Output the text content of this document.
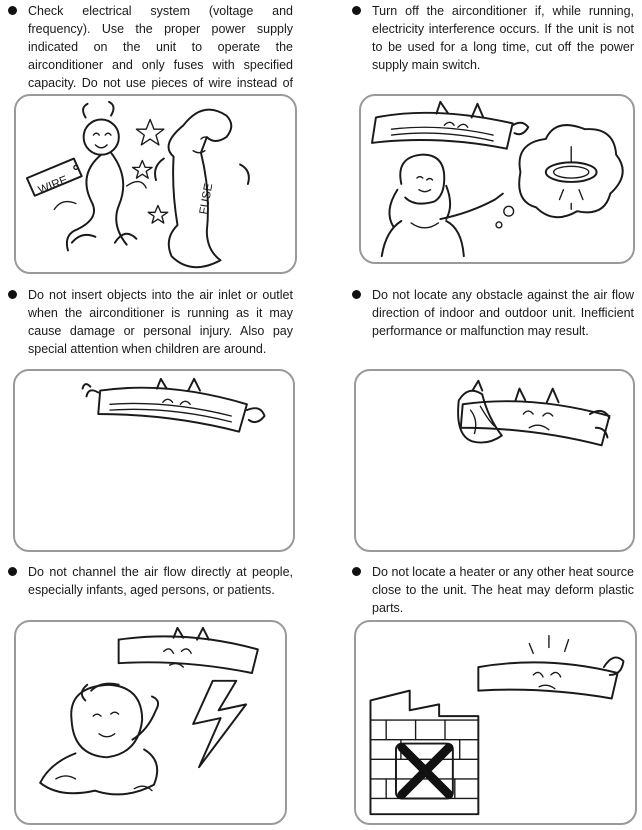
Check electrical system (voltage and frequency). Use the proper power supply indicated on the unit to operate the airconditioner and only fuses with specified capacity. Do not use pieces of wire instead of
Turn off the airconditioner if, while running, electricity interference occurs. If the unit is not to be used for a long time, cut off the power supply main switch.
WIRE	FUSE
Do not insert objects into the air inlet or outlet when the airconditioner is running as it may cause damage or personal injury. Also pay special attention when children are around.
Do not locate any obstacle against the air flow direction of indoor and outdoor unit. Inefficient performance or malfunction may result.
Do not channel the air flow directly at people, especially infants, aged persons, or patients.
Do not locate a heater or any other heat source close to the unit. The heat may deform plastic parts.
